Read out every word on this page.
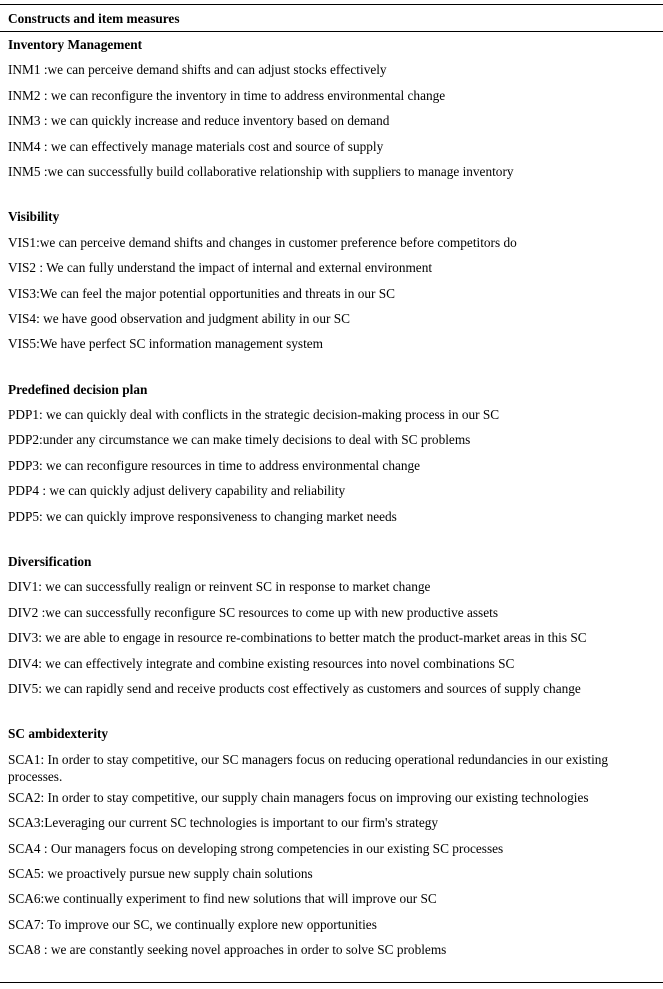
Constructs and item measures
Inventory Management
INM1 :we can perceive demand shifts and can adjust stocks effectively
INM2 : we can reconfigure the inventory in time to address environmental change
INM3 : we can quickly increase and reduce inventory based on demand
INM4 : we can effectively manage materials cost and source of supply
INM5 :we can successfully build collaborative relationship with suppliers to manage inventory
Visibility
VIS1:we can perceive demand shifts and changes in customer preference before competitors do
VIS2 : We can fully understand the impact of internal and external environment
VIS3:We can feel the major potential opportunities and threats in our SC
VIS4: we have good observation and judgment ability in our SC
VIS5:We have perfect SC information management system
Predefined decision plan
PDP1: we can quickly deal with conflicts in the strategic decision-making process in our SC
PDP2:under any circumstance we can make timely decisions to deal with SC problems
PDP3: we can reconfigure resources in time to address environmental change
PDP4 : we can quickly adjust delivery capability and reliability
PDP5: we can quickly improve responsiveness to changing market needs
Diversification
DIV1: we can successfully realign or reinvent SC in response to market change
DIV2 :we can successfully reconfigure SC resources to come up with new productive assets
DIV3: we are able to engage in resource re-combinations to better match the product-market areas in this SC
DIV4: we can effectively integrate and combine existing resources into novel combinations SC
DIV5: we can rapidly send and receive products cost effectively as customers and sources of supply change
SC ambidexterity
SCA1: In order to stay competitive, our SC managers focus on reducing operational redundancies in our existing processes.
SCA2: In order to stay competitive, our supply chain managers focus on improving our existing technologies
SCA3:Leveraging our current SC technologies is important to our firm's strategy
SCA4 : Our managers focus on developing strong competencies in our existing SC processes
SCA5: we proactively pursue new supply chain solutions
SCA6:we continually experiment to find new solutions that will improve our SC
SCA7: To improve our SC, we continually explore new opportunities
SCA8 : we are constantly seeking novel approaches in order to solve SC problems
